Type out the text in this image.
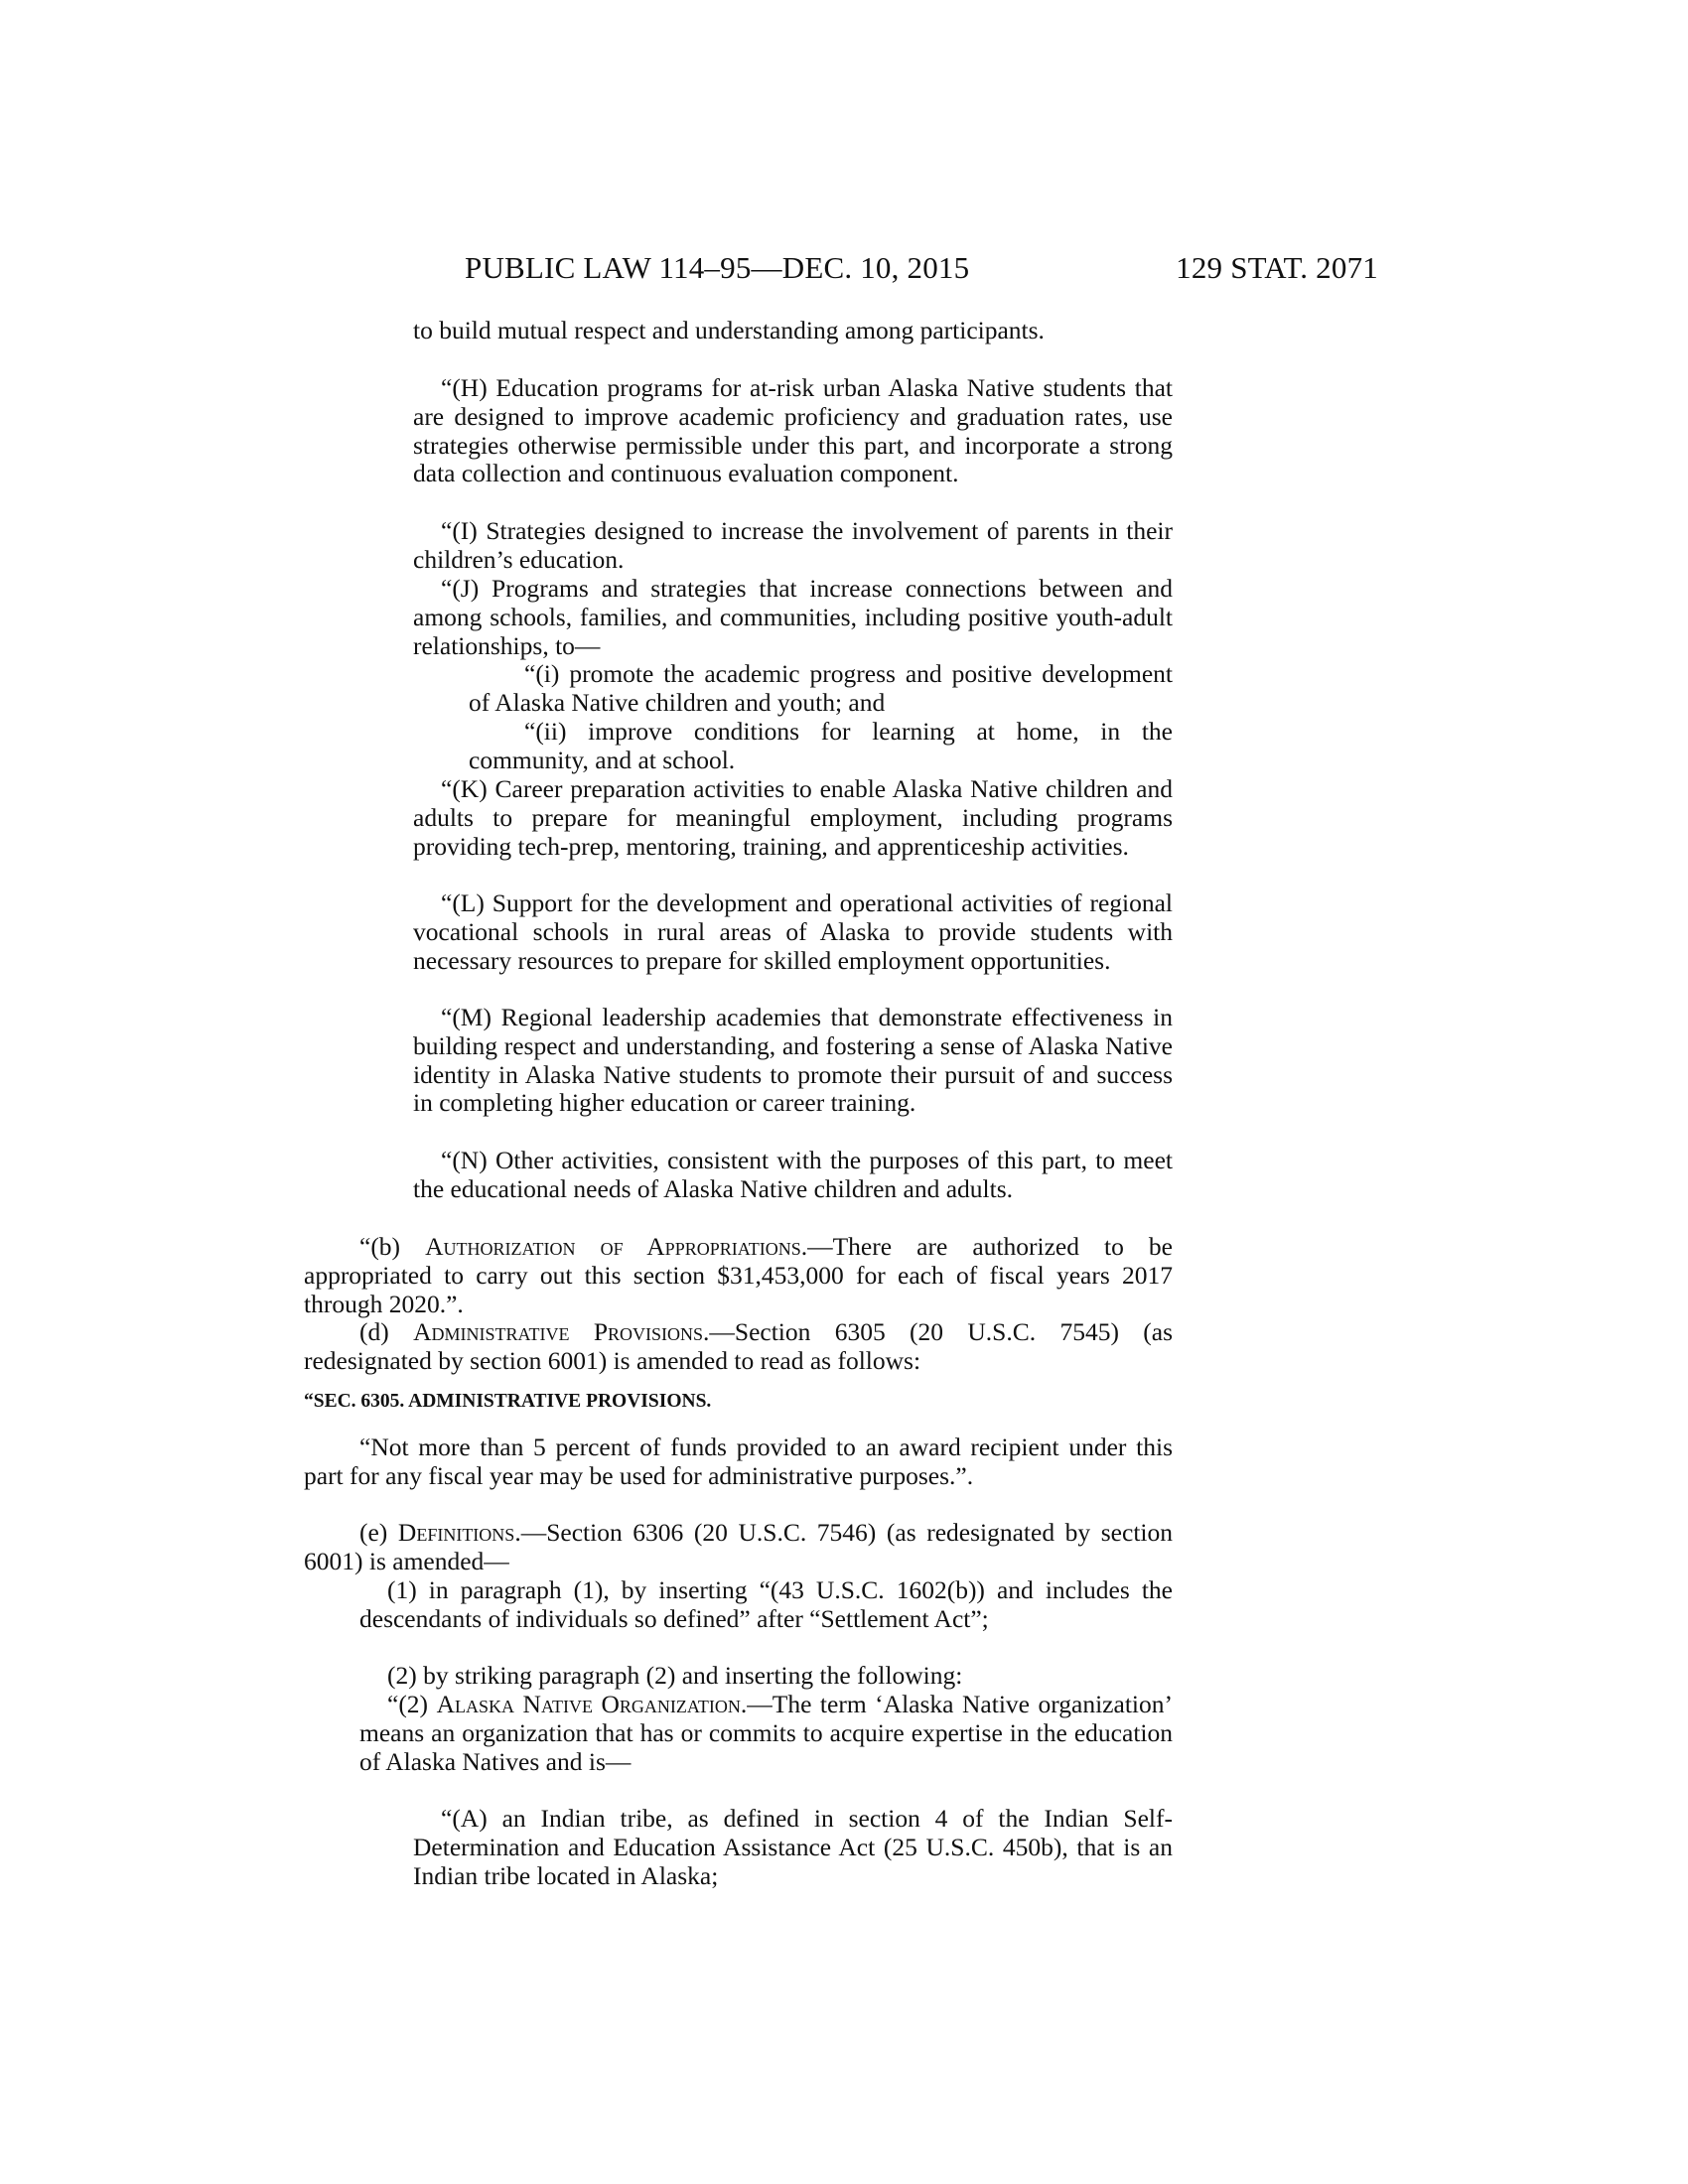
PUBLIC LAW 114–95—DEC. 10, 2015	129 STAT. 2071
to build mutual respect and understanding among participants.
“(H) Education programs for at-risk urban Alaska Native students that are designed to improve academic proficiency and graduation rates, use strategies otherwise permissible under this part, and incorporate a strong data collection and continuous evaluation component.
“(I) Strategies designed to increase the involvement of parents in their children’s education.
“(J) Programs and strategies that increase connections between and among schools, families, and communities, including positive youth-adult relationships, to—
“(i) promote the academic progress and positive development of Alaska Native children and youth; and
“(ii) improve conditions for learning at home, in the community, and at school.
“(K) Career preparation activities to enable Alaska Native children and adults to prepare for meaningful employment, including programs providing tech-prep, mentoring, training, and apprenticeship activities.
“(L) Support for the development and operational activities of regional vocational schools in rural areas of Alaska to provide students with necessary resources to prepare for skilled employment opportunities.
“(M) Regional leadership academies that demonstrate effectiveness in building respect and understanding, and fostering a sense of Alaska Native identity in Alaska Native students to promote their pursuit of and success in completing higher education or career training.
“(N) Other activities, consistent with the purposes of this part, to meet the educational needs of Alaska Native children and adults.
“(b) Authorization of Appropriations.—There are authorized to be appropriated to carry out this section $31,453,000 for each of fiscal years 2017 through 2020.”.
(d) Administrative Provisions.—Section 6305 (20 U.S.C. 7545) (as redesignated by section 6001) is amended to read as follows:
“SEC. 6305. ADMINISTRATIVE PROVISIONS.
“Not more than 5 percent of funds provided to an award recipient under this part for any fiscal year may be used for administrative purposes.”.
(e) Definitions.—Section 6306 (20 U.S.C. 7546) (as redesignated by section 6001) is amended—
(1) in paragraph (1), by inserting “(43 U.S.C. 1602(b)) and includes the descendants of individuals so defined” after “Settlement Act”;
(2) by striking paragraph (2) and inserting the following:
“(2) Alaska Native Organization.—The term ‘Alaska Native organization’ means an organization that has or commits to acquire expertise in the education of Alaska Natives and is—
“(A) an Indian tribe, as defined in section 4 of the Indian Self-Determination and Education Assistance Act (25 U.S.C. 450b), that is an Indian tribe located in Alaska;
